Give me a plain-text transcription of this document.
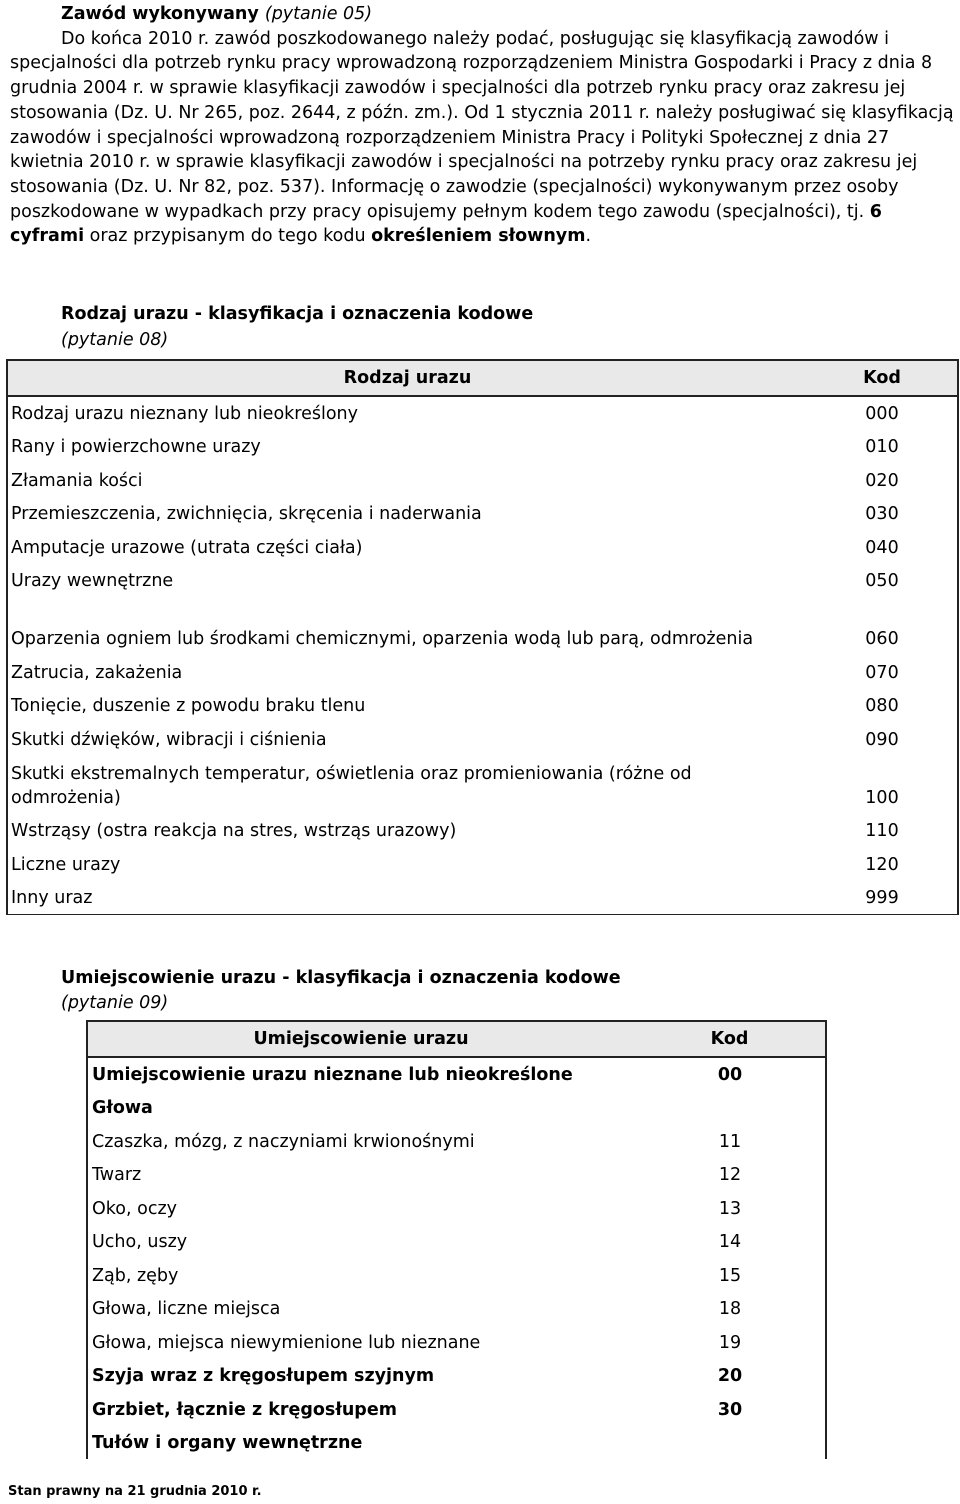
Zawód wykonywany (pytanie 05)
Do końca 2010 r. zawód poszkodowanego należy podać, posługując się klasyfikacją zawodów i specjalności dla potrzeb rynku pracy wprowadzoną rozporządzeniem Ministra Gospodarki i Pracy z dnia 8 grudnia 2004 r. w sprawie klasyfikacji zawodów i specjalności dla potrzeb rynku pracy oraz zakresu jej stosowania (Dz. U. Nr 265, poz. 2644, z późn. zm.). Od 1 stycznia 2011 r. należy posługiwać się klasyfikacją zawodów i specjalności wprowadzoną rozporządzeniem Ministra Pracy i Polityki Społecznej z dnia 27 kwietnia 2010 r. w sprawie klasyfikacji zawodów i specjalności na potrzeby rynku pracy oraz zakresu jej stosowania (Dz. U. Nr 82, poz. 537). Informację o zawodzie (specjalności) wykonywanym przez osoby poszkodowane w wypadkach przy pracy opisujemy pełnym kodem tego zawodu (specjalności), tj. 6 cyframi oraz przypisanym do tego kodu określeniem słownym.
Rodzaj urazu - klasyfikacja i oznaczenia kodowe
(pytanie 08)
Rodzaj urazu	Kod
Rodzaj urazu nieznany lub nieokreślony	000
Rany i powierzchowne urazy	010
Złamania kości	020
Przemieszczenia, zwichnięcia, skręcenia i naderwania	030
Amputacje urazowe (utrata części ciała)	040
Urazy wewnętrzne	050
Oparzenia ogniem lub środkami chemicznymi, oparzenia wodą lub parą, odmrożenia	060
Zatrucia, zakażenia	070
Tonięcie, duszenie z powodu braku tlenu	080
Skutki dźwięków, wibracji i ciśnienia	090
Skutki ekstremalnych temperatur, oświetlenia oraz promieniowania (różne od odmrożenia)	100
Wstrząsy (ostra reakcja na stres, wstrząs urazowy)	110
Liczne urazy	120
Inny uraz	999
Umiejscowienie urazu - klasyfikacja i oznaczenia kodowe
(pytanie 09)
Umiejscowienie urazu	Kod
Umiejscowienie urazu nieznane lub nieokreślone	00
Głowa	
Czaszka, mózg, z naczyniami krwionośnymi	11
Twarz	12
Oko, oczy	13
Ucho, uszy	14
Ząb, zęby	15
Głowa, liczne miejsca	18
Głowa, miejsca niewymienione lub nieznane	19
Szyja wraz z kręgosłupem szyjnym	20
Grzbiet, łącznie z kręgosłupem	30
Tułów i organy wewnętrzne	
Stan prawny na 21 grudnia 2010 r.
